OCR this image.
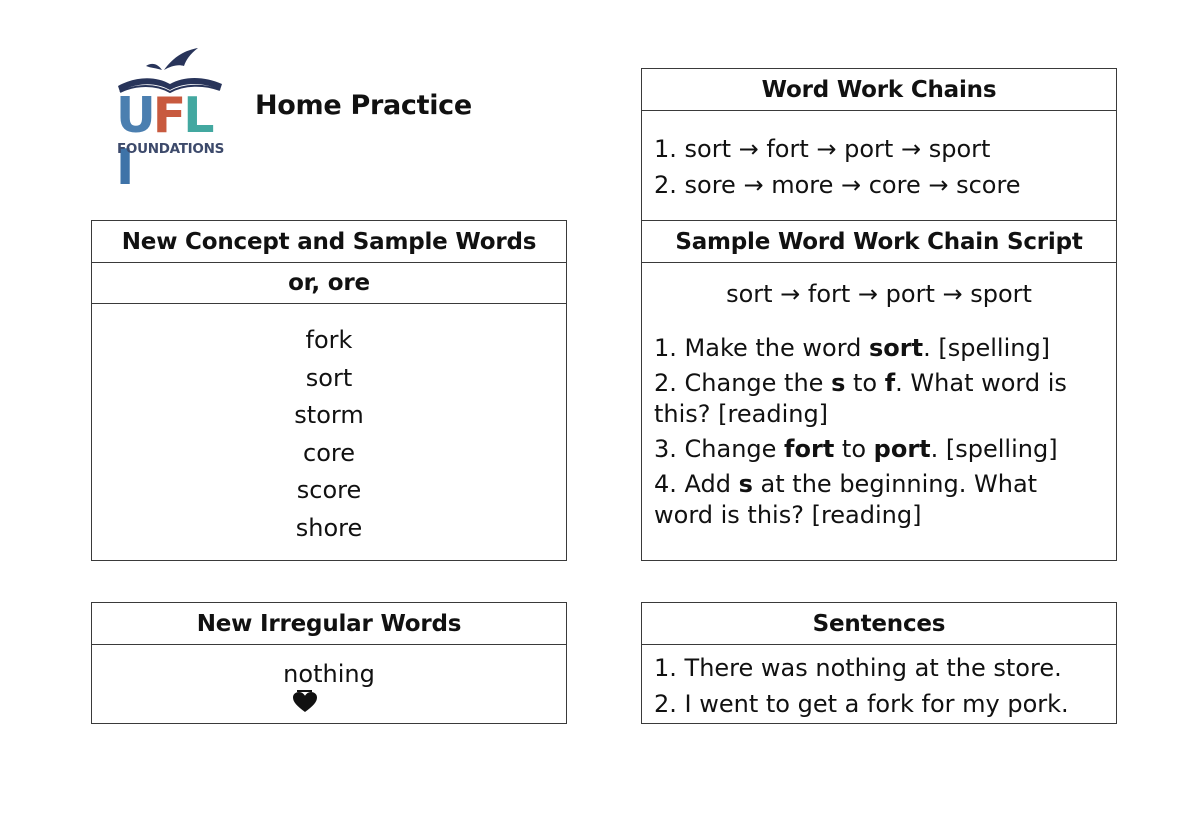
UFLI
FOUNDATIONS
Home Practice
New Concept and Sample Words
or, ore
fork
sort
storm
core
score
shore
New Irregular Words
nothing
Word Work Chains
1. sort → fort → port → sport
2. sore → more → core → score
Sample Word Work Chain Script
sort → fort → port → sport
1. Make the word sort. [spelling]
2. Change the s to f. What word is this? [reading]
3. Change fort to port. [spelling]
4. Add s at the beginning. What word is this? [reading]
Sentences
1. There was nothing at the store.
2. I went to get a fork for my pork.
